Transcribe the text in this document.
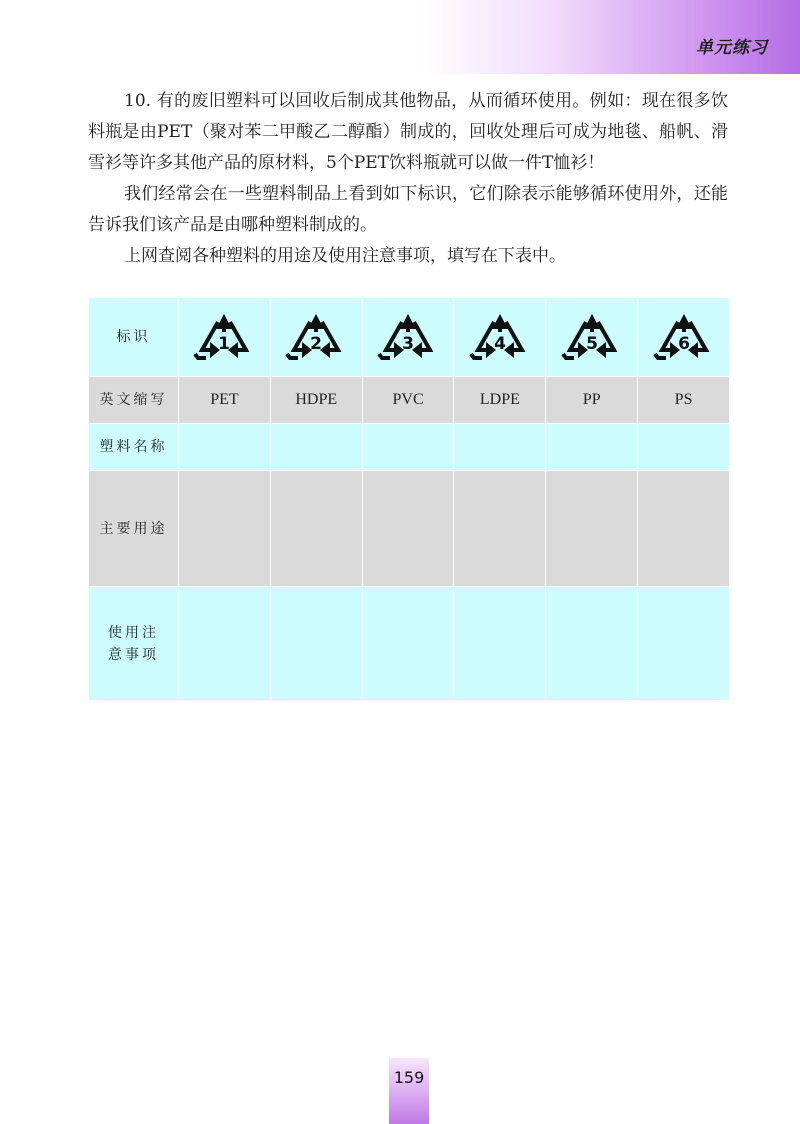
单元练习

10. 有的废旧塑料可以回收后制成其他物品，从而循环使用。例如：现在很多饮料瓶是由PET（聚对苯二甲酸乙二醇酯）制成的，回收处理后可成为地毯、船帆、滑雪衫等许多其他产品的原材料，5个PET饮料瓶就可以做一件T恤衫！

我们经常会在一些塑料制品上看到如下标识，它们除表示能够循环使用外，还能告诉我们该产品是由哪种塑料制成的。

上网查阅各种塑料的用途及使用注意事项，填写在下表中。

标识	1	2	3	4	5	6

英文缩写	PET	HDPE	PVC	LDPE	PP	PS
塑料名称						
主要用途						
使用注意事项						
159
